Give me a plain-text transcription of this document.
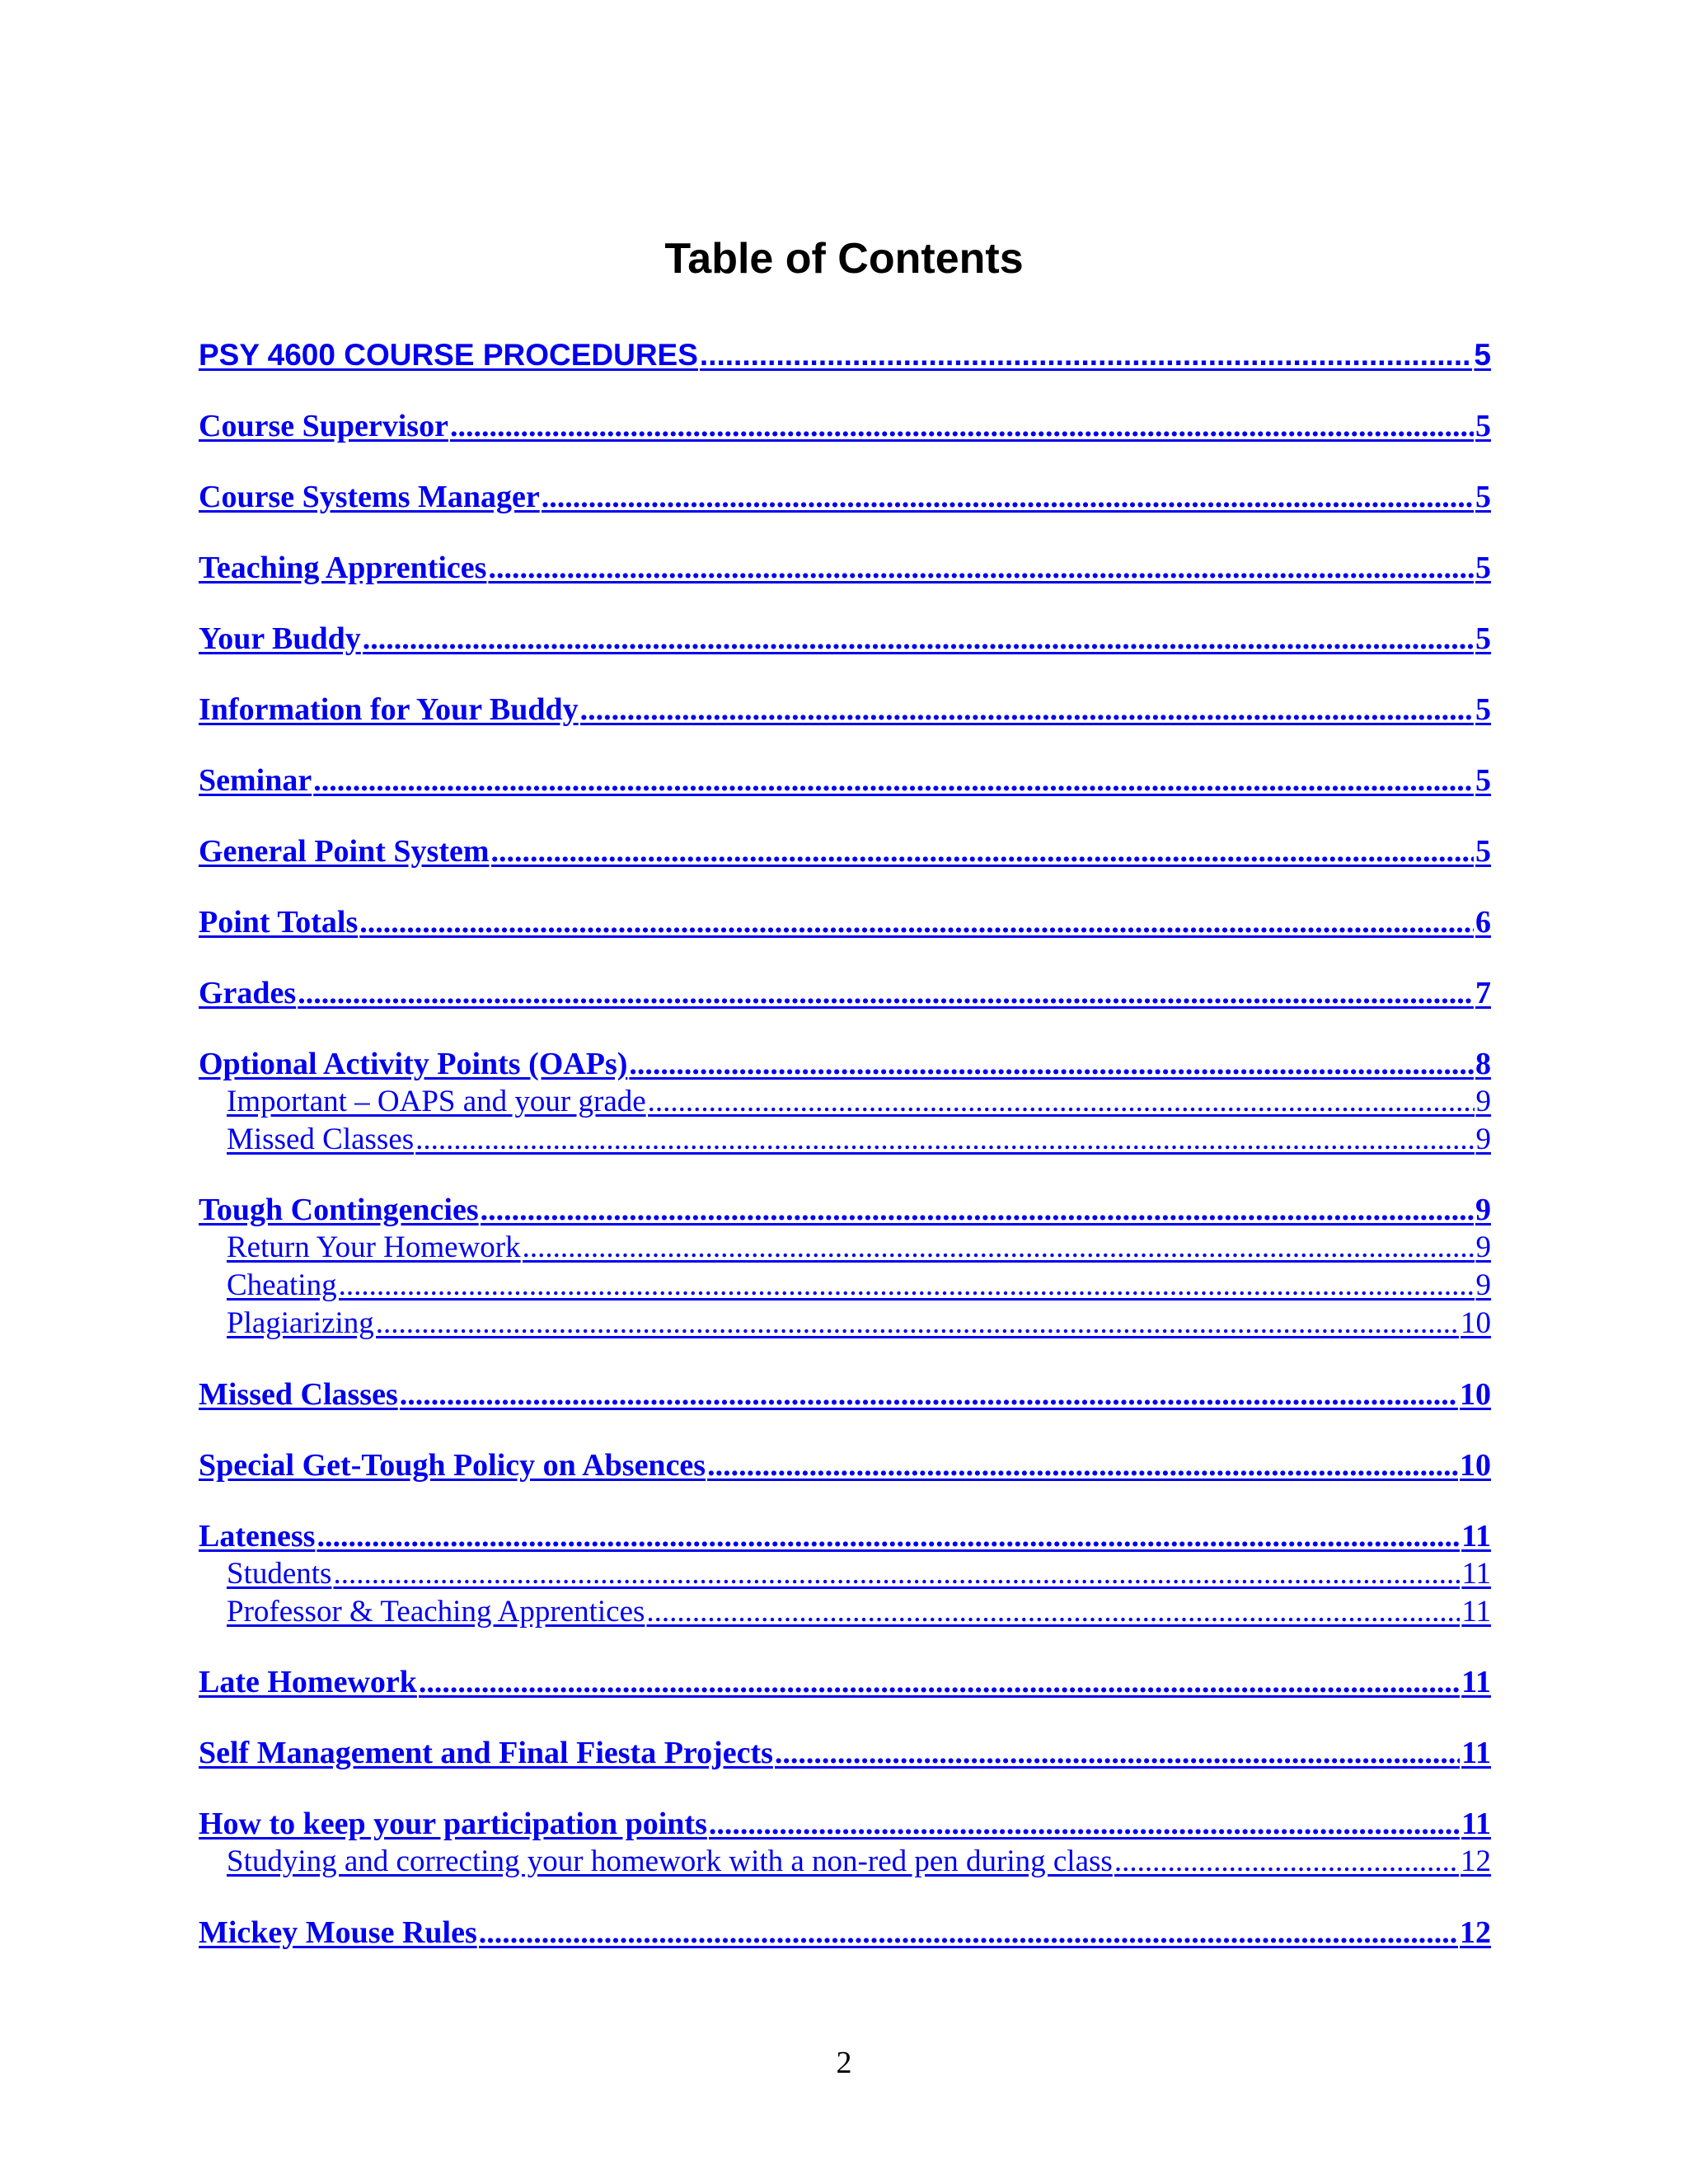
Table of Contents
PSY 4600 COURSE PROCEDURES .....	5
Course Supervisor .....	5
Course Systems Manager .....	5
Teaching Apprentices .....	5
Your Buddy .....	5
Information for Your Buddy .....	5
Seminar .....	5
General Point System .....	5
Point Totals .....	6
Grades .....	7
Optional Activity Points (OAPs) .....	8
Important – OAPS and your grade .....	9
Missed Classes .....	9
Tough Contingencies .....	9
Return Your Homework .....	9
Cheating .....	9
Plagiarizing .....	10
Missed Classes .....	10
Special Get-Tough Policy on Absences .....	10
Lateness .....	11
Students .....	11
Professor & Teaching Apprentices .....	11
Late Homework .....	11
Self Management and Final Fiesta Projects .....	11
How to keep your participation points .....	11
Studying and correcting your homework with a non-red pen during class .....	12
Mickey Mouse Rules .....	12
2
